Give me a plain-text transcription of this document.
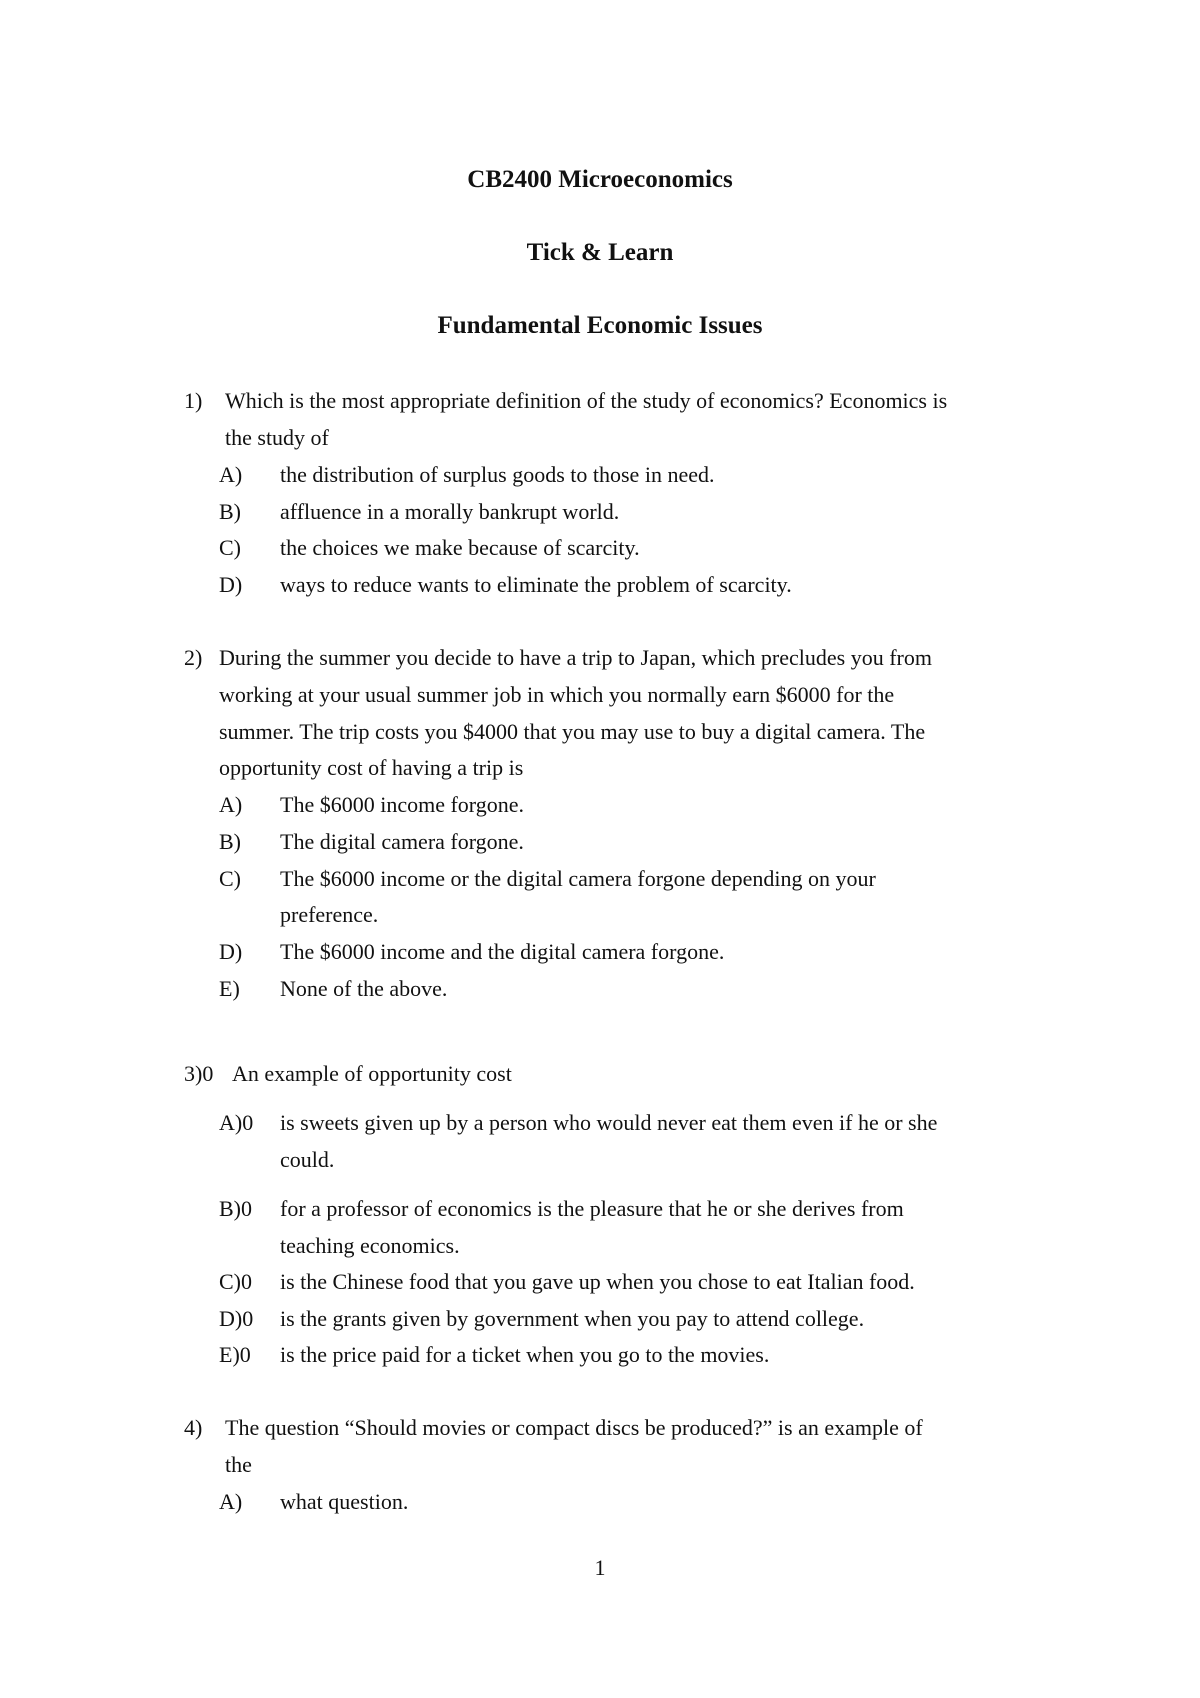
CB2400 Microeconomics
Tick & Learn
Fundamental Economic Issues
1) Which is the most appropriate definition of the study of economics? Economics is
the study of
A) the distribution of surplus goods to those in need.
B) affluence in a morally bankrupt world.
C) the choices we make because of scarcity.
D) ways to reduce wants to eliminate the problem of scarcity.
2) During the summer you decide to have a trip to Japan, which precludes you from
working at your usual summer job in which you normally earn $6000 for the
summer. The trip costs you $4000 that you may use to buy a digital camera. The
opportunity cost of having a trip is
A) The $6000 income forgone.
B) The digital camera forgone.
C) The $6000 income or the digital camera forgone depending on your
preference.
D) The $6000 income and the digital camera forgone.
E) None of the above.
3)0 An example of opportunity cost
A)0 is sweets given up by a person who would never eat them even if he or she
could.
B)0 for a professor of economics is the pleasure that he or she derives from
teaching economics.
C)0 is the Chinese food that you gave up when you chose to eat Italian food.
D)0 is the grants given by government when you pay to attend college.
E)0 is the price paid for a ticket when you go to the movies.
4) The question “Should movies or compact discs be produced?” is an example of
the
A) what question.
1
